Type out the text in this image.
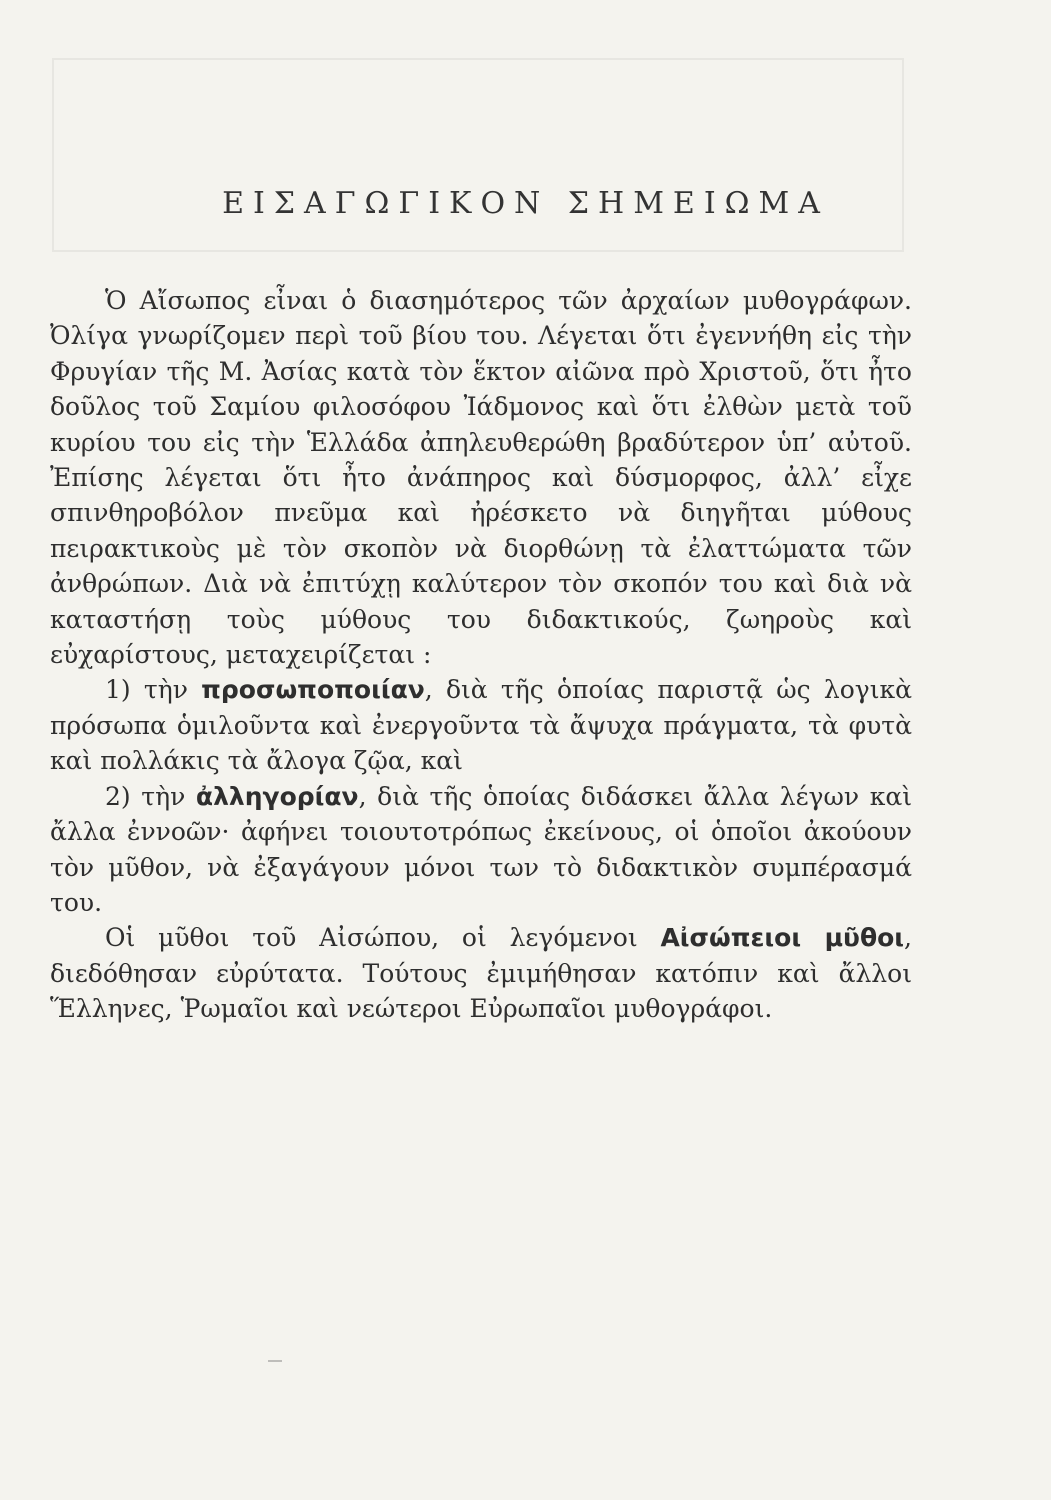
ΕΙΣΑΓΩΓΙΚΟΝ ΣΗΜΕΙΩΜΑ

Ὁ Αἴσωπος εἶναι ὁ διασημότερος τῶν ἀρχαίων μυθογράφων. Ὀλίγα γνωρίζομεν περὶ τοῦ βίου του. Λέγεται ὅτι ἐγεννήθη εἰς τὴν Φρυγίαν τῆς Μ. Ἀσίας κατὰ τὸν ἕκτον αἰῶνα πρὸ Χριστοῦ, ὅτι ἦτο δοῦλος τοῦ Σαμίου φιλοσόφου Ἰάδμονος καὶ ὅτι ἐλθὼν μετὰ τοῦ κυρίου του εἰς τὴν Ἑλλάδα ἀπηλευθερώθη βραδύτερον ὑπ’ αὐτοῦ. Ἐπίσης λέγεται ὅτι ἦτο ἀνάπηρος καὶ δύσμορφος, ἀλλ’ εἶχε σπινθηροβόλον πνεῦμα καὶ ἠρέσκετο νὰ διηγῆται μύθους πειρακτικοὺς μὲ τὸν σκοπὸν νὰ διορθώνῃ τὰ ἐλαττώματα τῶν ἀνθρώπων. Διὰ νὰ ἐπιτύχῃ καλύτερον τὸν σκοπόν του καὶ διὰ νὰ καταστήσῃ τοὺς μύθους του διδακτικούς, ζωηροὺς καὶ εὐχαρίστους, μεταχειρίζεται :

1) τὴν προσωποποιίαν, διὰ τῆς ὁποίας παριστᾷ ὡς λογικὰ πρόσωπα ὁμιλοῦντα καὶ ἐνεργοῦντα τὰ ἄψυχα πράγματα, τὰ φυτὰ καὶ πολλάκις τὰ ἄλογα ζῷα, καὶ

2) τὴν ἀλληγορίαν, διὰ τῆς ὁποίας διδάσκει ἄλλα λέγων καὶ ἄλλα ἐννοῶν· ἀφήνει τοιουτοτρόπως ἐκείνους, οἱ ὁποῖοι ἀκούουν τὸν μῦθον, νὰ ἐξαγάγουν μόνοι των τὸ διδακτικὸν συμπέρασμά του.

Οἱ μῦθοι τοῦ Αἰσώπου, οἱ λεγόμενοι Αἰσώπειοι μῦθοι, διεδόθησαν εὐρύτατα. Τούτους ἐμιμήθησαν κατόπιν καὶ ἄλλοι Ἕλληνες, Ῥωμαῖοι καὶ νεώτεροι Εὐρωπαῖοι μυθογράφοι.
